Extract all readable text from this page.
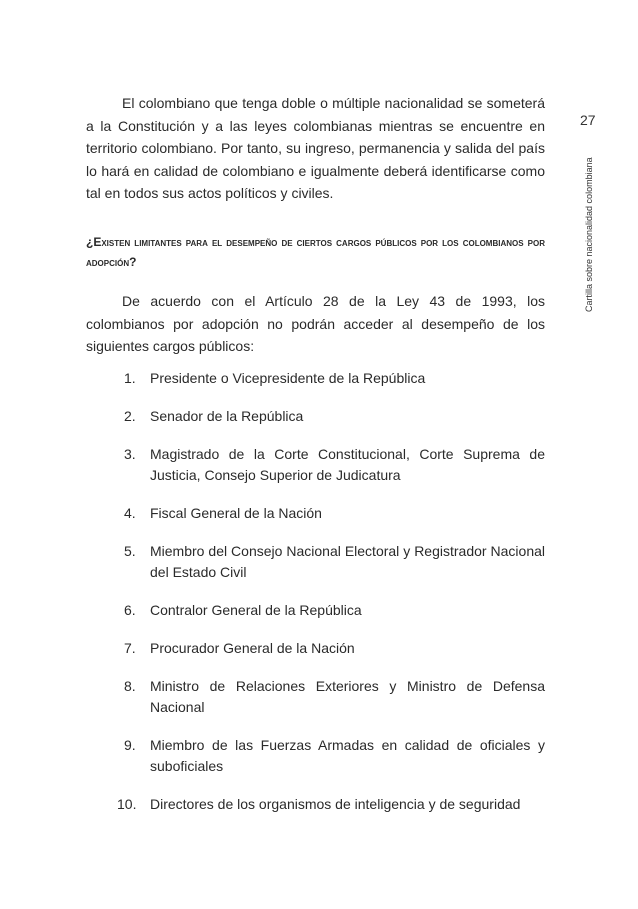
27
Cartilla sobre nacionalidad colombiana

El colombiano que tenga doble o múltiple nacionalidad se someterá a la Constitución y a las leyes colombianas mientras se encuentre en territorio colombiano. Por tanto, su ingreso, permanencia y salida del país lo hará en calidad de colombiano e igualmente deberá identificarse como tal en todos sus actos políticos y civiles.

¿Existen limitantes para el desempeño de ciertos cargos públicos por los colombianos por adopción?

De acuerdo con el Artículo 28 de la Ley 43 de 1993, los colombianos por adopción no podrán acceder al desempeño de los siguientes cargos públicos:

1. Presidente o Vicepresidente de la República
2. Senador de la República
3. Magistrado de la Corte Constitucional, Corte Suprema de Justicia, Consejo Superior de Judicatura
4. Fiscal General de la Nación
5. Miembro del Consejo Nacional Electoral y Registrador Nacional del Estado Civil
6. Contralor General de la República
7. Procurador General de la Nación
8. Ministro de Relaciones Exteriores y Ministro de Defensa Nacional
9. Miembro de las Fuerzas Armadas en calidad de oficiales y suboficiales
10. Directores de los organismos de inteligencia y de seguridad
